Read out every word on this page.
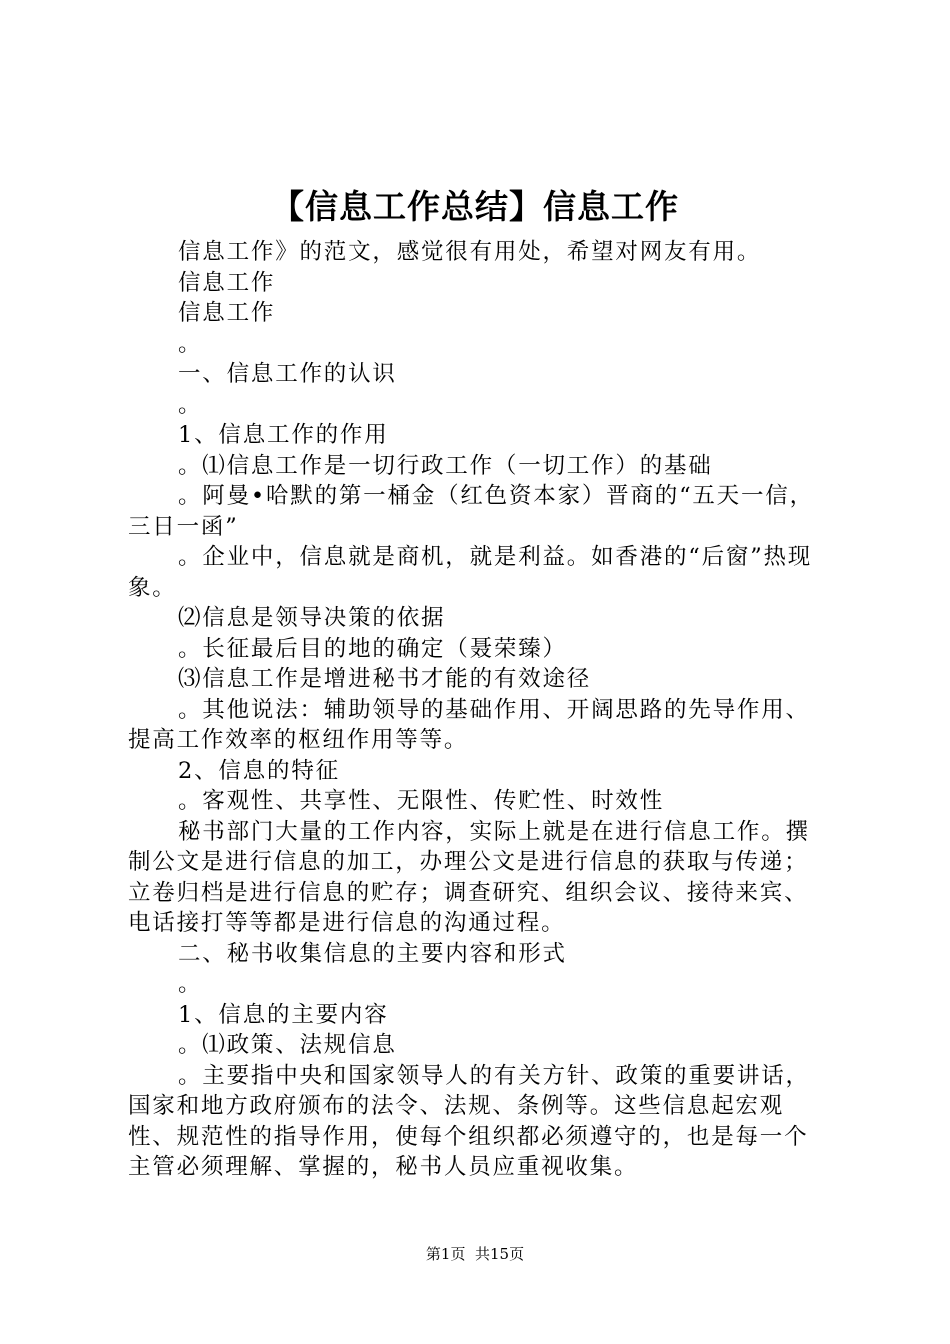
【信息工作总结】信息工作

信息工作》的范文，感觉很有用处，希望对网友有用。

信息工作

信息工作

。

一、信息工作的认识

。

1、信息工作的作用

。⑴信息工作是一切行政工作（一切工作）的基础

。阿曼•哈默的第一桶金（红色资本家）晋商的“五天一信，三日一函”

。企业中，信息就是商机，就是利益。如香港的“后窗”热现象。

⑵信息是领导决策的依据

。长征最后目的地的确定（聂荣臻）

⑶信息工作是增进秘书才能的有效途径

。其他说法：辅助领导的基础作用、开阔思路的先导作用、提高工作效率的枢纽作用等等。

2、信息的特征

。客观性、共享性、无限性、传贮性、时效性

秘书部门大量的工作内容，实际上就是在进行信息工作。撰制公文是进行信息的加工，办理公文是进行信息的获取与传递；立卷归档是进行信息的贮存；调查研究、组织会议、接待来宾、电话接打等等都是进行信息的沟通过程。

二、秘书收集信息的主要内容和形式

。

1、信息的主要内容

。⑴政策、法规信息

。主要指中央和国家领导人的有关方针、政策的重要讲话，国家和地方政府颁布的法令、法规、条例等。这些信息起宏观性、规范性的指导作用，使每个组织都必须遵守的，也是每一个主管必须理解、掌握的，秘书人员应重视收集。

第1页  共15页
